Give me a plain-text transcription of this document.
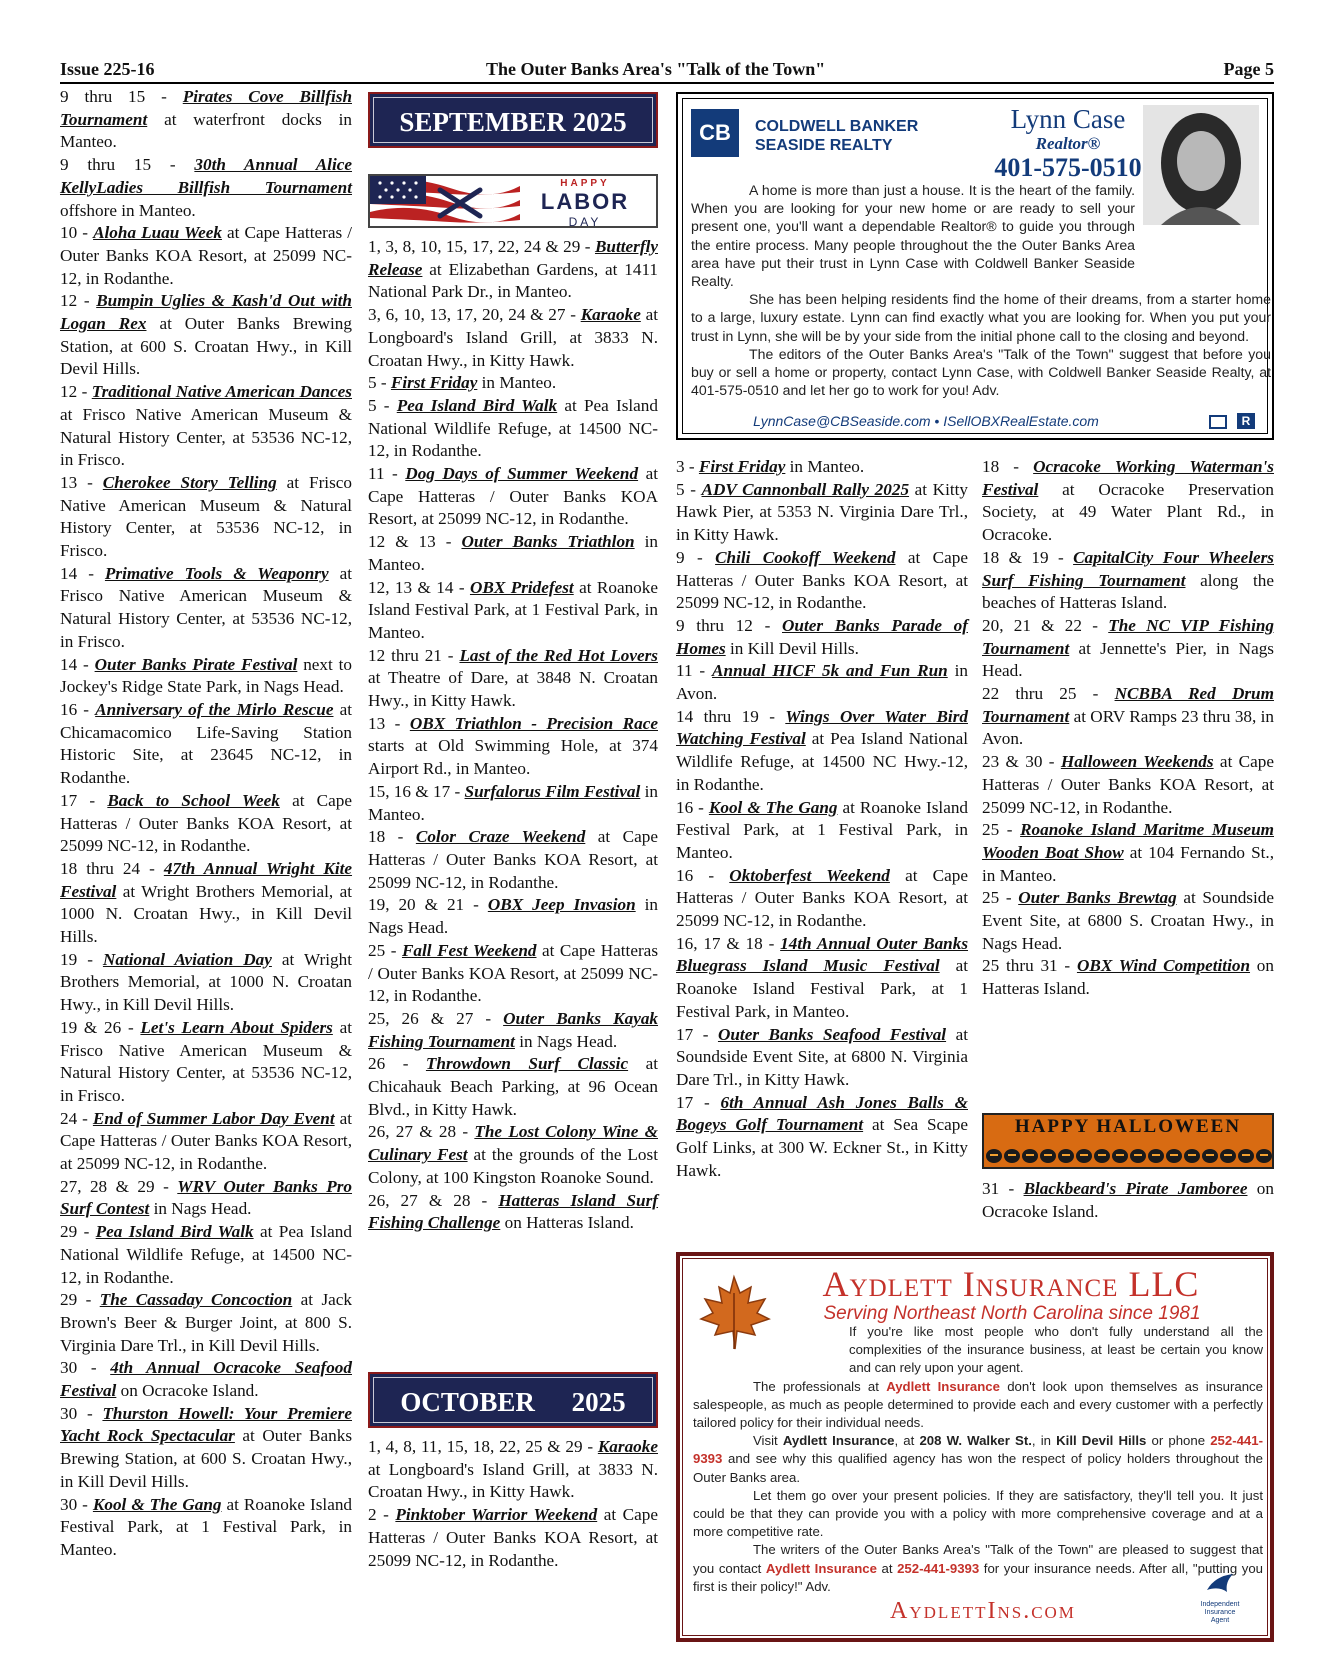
Issue 225-16	The Outer Banks Area's "Talk of the Town"	Page 5

9 thru 15 - Pirates Cove Billfish Tournament at waterfront docks in Manteo.

9 thru 15 - 30th Annual Alice KellyLadies Billfish Tournament offshore in Manteo.

10 - Aloha Luau Week at Cape Hatteras / Outer Banks KOA Resort, at 25099 NC-12, in Rodanthe.

12 - Bumpin Uglies & Kash'd Out with Logan Rex at Outer Banks Brewing Station, at 600 S. Croatan Hwy., in Kill Devil Hills.

12 - Traditional Native American Dances at Frisco Native American Museum & Natural History Center, at 53536 NC-12, in Frisco.

13 - Cherokee Story Telling at Frisco Native American Museum & Natural History Center, at 53536 NC-12, in Frisco.

14 - Primative Tools & Weaponry at Frisco Native American Museum & Natural History Center, at 53536 NC-12, in Frisco.

14 - Outer Banks Pirate Festival next to Jockey's Ridge State Park, in Nags Head.

16 - Anniversary of the Mirlo Rescue at Chicamacomico Life-Saving Station Historic Site, at 23645 NC-12, in Rodanthe.

17 - Back to School Week at Cape Hatteras / Outer Banks KOA Resort, at 25099 NC-12, in Rodanthe.

18 thru 24 - 47th Annual Wright Kite Festival at Wright Brothers Memorial, at 1000 N. Croatan Hwy., in Kill Devil Hills.

19 - National Aviation Day at Wright Brothers Memorial, at 1000 N. Croatan Hwy., in Kill Devil Hills.

19 & 26 - Let's Learn About Spiders at Frisco Native American Museum & Natural History Center, at 53536 NC-12, in Frisco.

24 - End of Summer Labor Day Event at Cape Hatteras / Outer Banks KOA Resort, at 25099 NC-12, in Rodanthe.

27, 28 & 29 - WRV Outer Banks Pro Surf Contest in Nags Head.

29 - Pea Island Bird Walk at Pea Island National Wildlife Refuge, at 14500 NC-12, in Rodanthe.

29 - The Cassaday Concoction at Jack Brown's Beer & Burger Joint, at 800 S. Virginia Dare Trl., in Kill Devil Hills.

30 - 4th Annual Ocracoke Seafood Festival on Ocracoke Island.

30 - Thurston Howell: Your Premiere Yacht Rock Spectacular at Outer Banks Brewing Station, at 600 S. Croatan Hwy., in Kill Devil Hills.

30 - Kool & The Gang at Roanoke Island Festival Park, at 1 Festival Park, in Manteo.

SEPTEMBER 2025
HAPPY
LABOR
DAY

1, 3, 8, 10, 15, 17, 22, 24 & 29 - Butterfly Release at Elizabethan Gardens, at 1411 National Park Dr., in Manteo.

3, 6, 10, 13, 17, 20, 24 & 27 - Karaoke at Longboard's Island Grill, at 3833 N. Croatan Hwy., in Kitty Hawk.

5 - First Friday in Manteo.

5 - Pea Island Bird Walk at Pea Island National Wildlife Refuge, at 14500 NC-12, in Rodanthe.

11 - Dog Days of Summer Weekend at Cape Hatteras / Outer Banks KOA Resort, at 25099 NC-12, in Rodanthe.

12 & 13 - Outer Banks Triathlon in Manteo.

12, 13 & 14 - OBX Pridefest at Roanoke Island Festival Park, at 1 Festival Park, in Manteo.

12 thru 21 - Last of the Red Hot Lovers at Theatre of Dare, at 3848 N. Croatan Hwy., in Kitty Hawk.

13 - OBX Triathlon - Precision Race starts at Old Swimming Hole, at 374 Airport Rd., in Manteo.

15, 16 & 17 - Surfalorus Film Festival in Manteo.

18 - Color Craze Weekend at Cape Hatteras / Outer Banks KOA Resort, at 25099 NC-12, in Rodanthe.

19, 20 & 21 - OBX Jeep Invasion in Nags Head.

25 - Fall Fest Weekend at Cape Hatteras / Outer Banks KOA Resort, at 25099 NC-12, in Rodanthe.

25, 26 & 27 - Outer Banks Kayak Fishing Tournament in Nags Head.

26 - Throwdown Surf Classic at Chicahauk Beach Parking, at 96 Ocean Blvd., in Kitty Hawk.

26, 27 & 28 - The Lost Colony Wine & Culinary Fest at the grounds of the Lost Colony, at 100 Kingston Roanoke Sound.

26, 27 & 28 - Hatteras Island Surf Fishing Challenge on Hatteras Island.

OCTOBER 2025

1, 4, 8, 11, 15, 18, 22, 25 & 29 - Karaoke at Longboard's Island Grill, at 3833 N. Croatan Hwy., in Kitty Hawk.

2 - Pinktober Warrior Weekend at Cape Hatteras / Outer Banks KOA Resort, at 25099 NC-12, in Rodanthe.

CB	COLDWELL BANKER
SEASIDE REALTY
Lynn Case
Realtor®
401-575-0510

A home is more than just a house. It is the heart of the family. When you are looking for your new home or are ready to sell your present one, you'll want a dependable Realtor® to guide you through the entire process. Many people throughout the the Outer Banks Area area have put their trust in Lynn Case with Coldwell Banker Seaside Realty.

She has been helping residents find the home of their dreams, from a starter home to a large, luxury estate. Lynn can find exactly what you are looking for. When you put your trust in Lynn, she will be by your side from the initial phone call to the closing and beyond.

The editors of the Outer Banks Area's "Talk of the Town" suggest that before you buy or sell a home or property, contact Lynn Case, with Coldwell Banker Seaside Realty, at 401-575-0510 and let her go to work for you! Adv.

LynnCase@CBSeaside.com • ISellOBXRealEstate.com	R

3 - First Friday in Manteo.

5 - ADV Cannonball Rally 2025 at Kitty Hawk Pier, at 5353 N. Virginia Dare Trl., in Kitty Hawk.

9 - Chili Cookoff Weekend at Cape Hatteras / Outer Banks KOA Resort, at 25099 NC-12, in Rodanthe.

9 thru 12 - Outer Banks Parade of Homes in Kill Devil Hills.

11 - Annual HICF 5k and Fun Run in Avon.

14 thru 19 - Wings Over Water Bird Watching Festival at Pea Island National Wildlife Refuge, at 14500 NC Hwy.-12, in Rodanthe.

16 - Kool & The Gang at Roanoke Island Festival Park, at 1 Festival Park, in Manteo.

16 - Oktoberfest Weekend at Cape Hatteras / Outer Banks KOA Resort, at 25099 NC-12, in Rodanthe.

16, 17 & 18 - 14th Annual Outer Banks Bluegrass Island Music Festival at Roanoke Island Festival Park, at 1 Festival Park, in Manteo.

17 - Outer Banks Seafood Festival at Soundside Event Site, at 6800 N. Virginia Dare Trl., in Kitty Hawk.

17 - 6th Annual Ash Jones Balls & Bogeys Golf Tournament at Sea Scape Golf Links, at 300 W. Eckner St., in Kitty Hawk.

18 - Ocracoke Working Waterman's Festival at Ocracoke Preservation Society, at 49 Water Plant Rd., in Ocracoke.

18 & 19 - CapitalCity Four Wheelers Surf Fishing Tournament along the beaches of Hatteras Island.

20, 21 & 22 - The NC VIP Fishing Tournament at Jennette's Pier, in Nags Head.

22 thru 25 - NCBBA Red Drum Tournament at ORV Ramps 23 thru 38, in Avon.

23 & 30 - Halloween Weekends at Cape Hatteras / Outer Banks KOA Resort, at 25099 NC-12, in Rodanthe.

25 - Roanoke Island Maritme Museum Wooden Boat Show at 104 Fernando St., in Manteo.

25 - Outer Banks Brewtag at Soundside Event Site, at 6800 S. Croatan Hwy., in Nags Head.

25 thru 31 - OBX Wind Competition on Hatteras Island.

HAPPY HALLOWEEN

31 - Blackbeard's Pirate Jamboree on Ocracoke Island.

Aydlett Insurance LLC
Serving Northeast North Carolina since 1981

If you're like most people who don't fully understand all the complexities of the insurance business, at least be certain you know and can rely upon your agent.

The professionals at Aydlett Insurance don't look upon themselves as insurance salespeople, as much as people determined to provide each and every customer with a perfectly tailored policy for their individual needs.

Visit Aydlett Insurance, at 208 W. Walker St., in Kill Devil Hills or phone 252-441-9393 and see why this qualified agency has won the respect of policy holders throughout the Outer Banks area.

Let them go over your present policies. If they are satisfactory, they'll tell you. It just could be that they can provide you with a policy with more comprehensive coverage and at a more competitive rate.

The writers of the Outer Banks Area's "Talk of the Town" are pleased to suggest that you contact Aydlett Insurance at 252-441-9393 for your insurance needs. After all, "putting you first is their policy!" Adv.

AydlettIns.com	Independent
Insurance
Agent
